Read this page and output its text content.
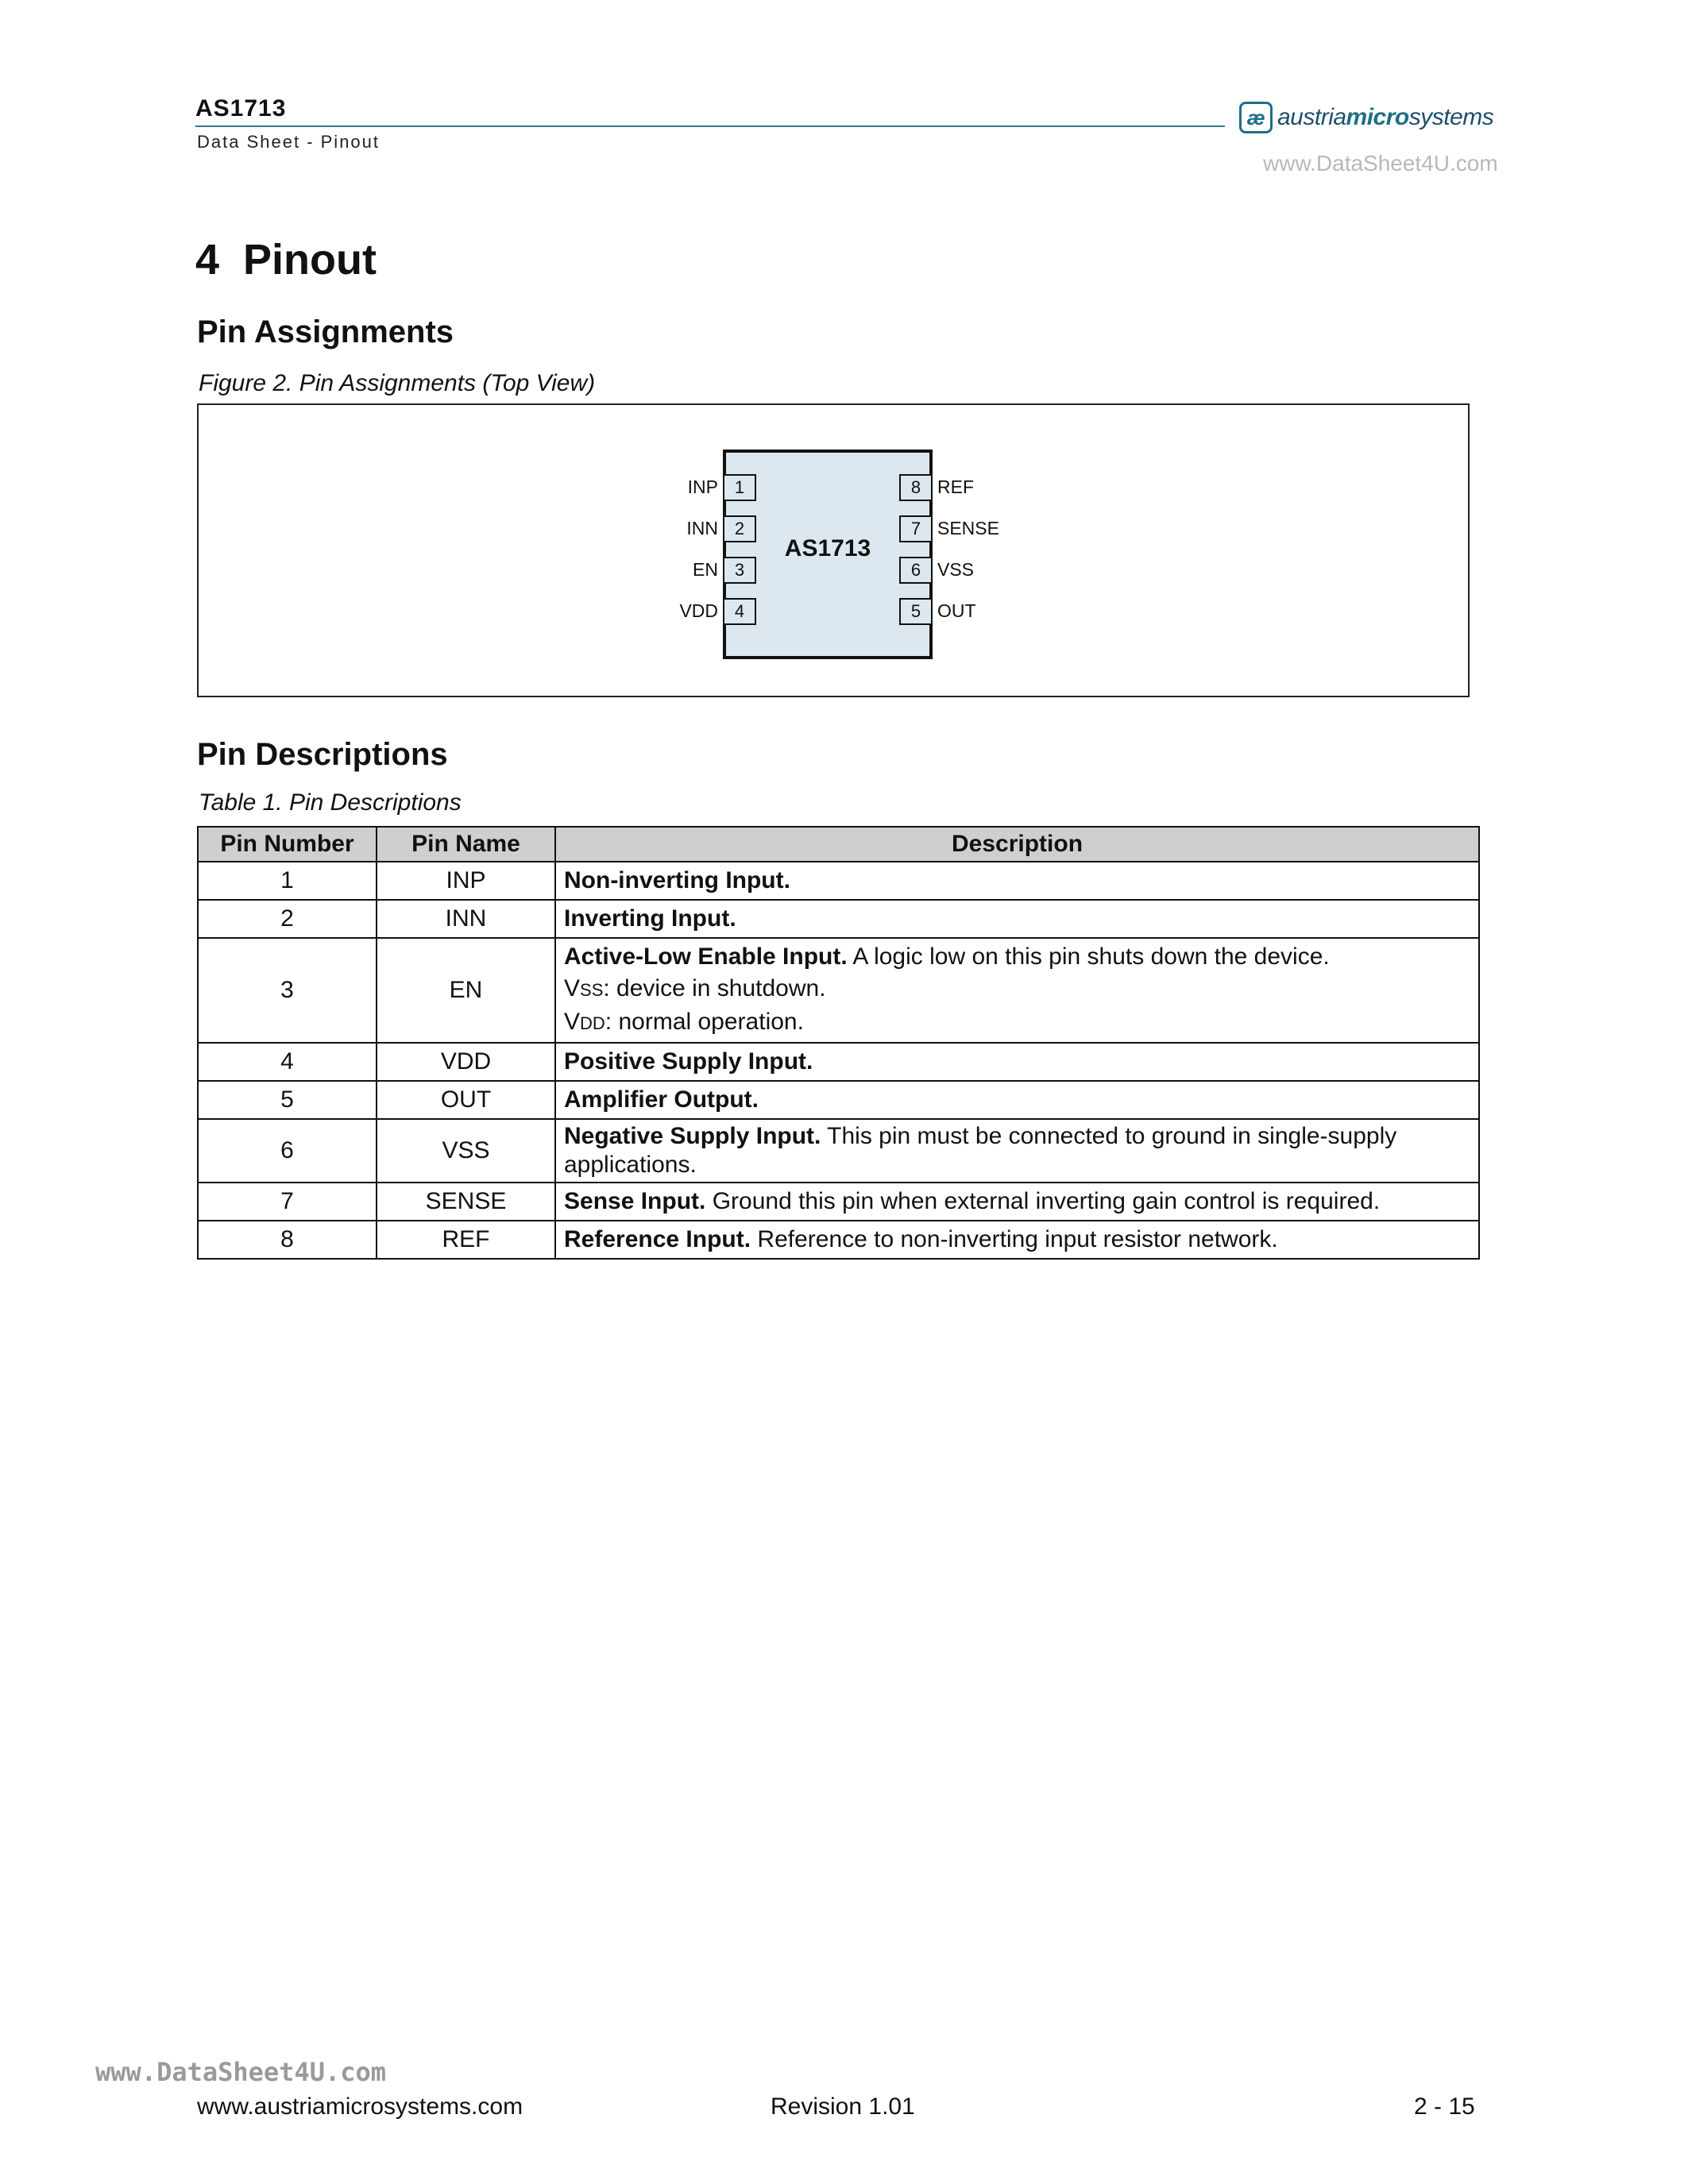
AS1713
Data Sheet - Pinout
æ austriamicrosystems
www.DataSheet4U.com
4  Pinout
Pin Assignments
Figure 2. Pin Assignments (Top View)
AS1713
INP 1
INN 2
EN 3
VDD 4
8 REF
7 SENSE
6 VSS
5 OUT
Pin Descriptions
Table 1. Pin Descriptions
Pin Number	Pin Name	Description
1	INP	Non-inverting Input.
2	INN	Inverting Input.
3	EN	Active-Low Enable Input. A logic low on this pin shuts down the device.
VSS: device in shutdown.
VDD: normal operation.

4	VDD	Positive Supply Input.
5	OUT	Amplifier Output.
6	VSS	Negative Supply Input. This pin must be connected to ground in single-supply applications.
7	SENSE	Sense Input. Ground this pin when external inverting gain control is required.
8	REF	Reference Input. Reference to non-inverting input resistor network.
www.DataSheet4U.com
www.austriamicrosystems.com	Revision 1.01	2 - 15
